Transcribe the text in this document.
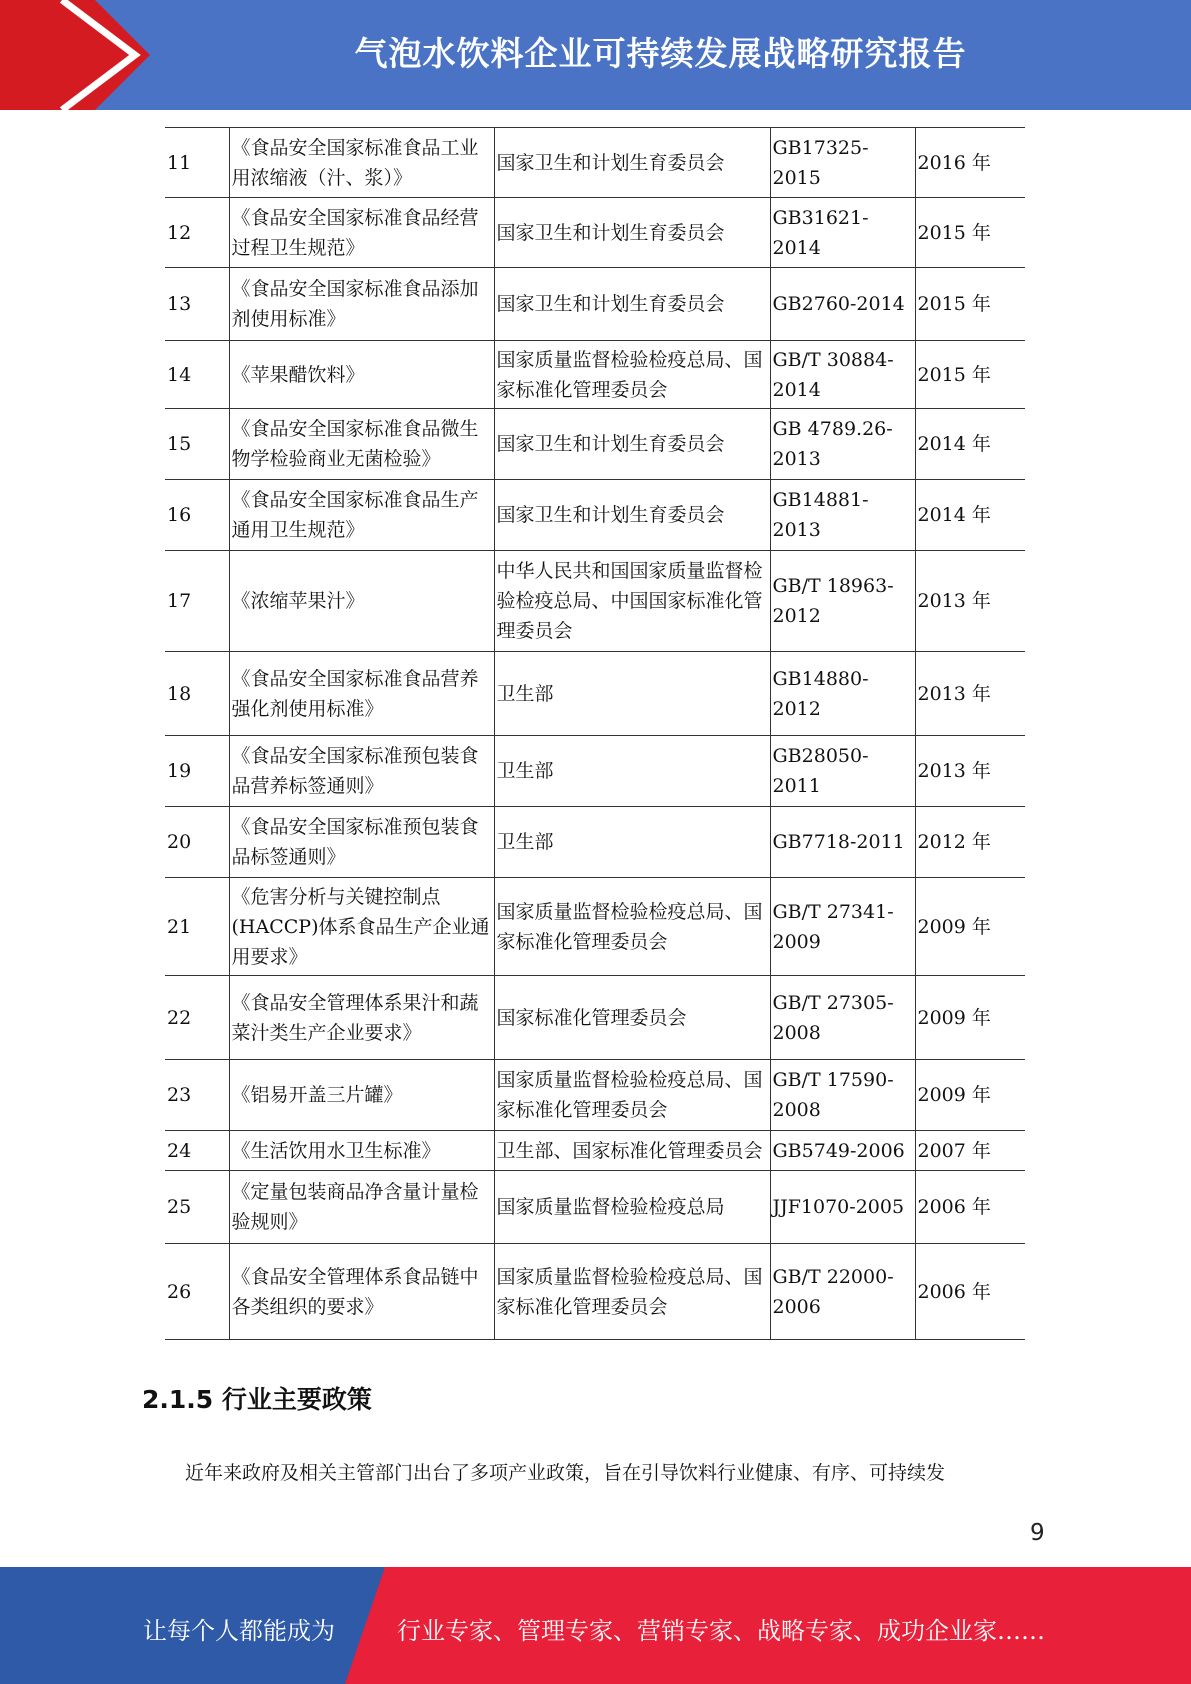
气泡水饮料企业可持续发展战略研究报告
11	《食品安全国家标准食品工业用浓缩液（汁、浆）》	国家卫生和计划生育委员会	GB17325-2015	2016 年
12	《食品安全国家标准食品经营过程卫生规范》	国家卫生和计划生育委员会	GB31621-2014	2015 年
13	《食品安全国家标准食品添加剂使用标准》	国家卫生和计划生育委员会	GB2760-2014	2015 年
14	《苹果醋饮料》	国家质量监督检验检疫总局、国家标准化管理委员会	GB/T 30884-2014	2015 年
15	《食品安全国家标准食品微生物学检验商业无菌检验》	国家卫生和计划生育委员会	GB 4789.26-2013	2014 年
16	《食品安全国家标准食品生产通用卫生规范》	国家卫生和计划生育委员会	GB14881-2013	2014 年
17	《浓缩苹果汁》	中华人民共和国国家质量监督检验检疫总局、中国国家标准化管理委员会	GB/T 18963-2012	2013 年
18	《食品安全国家标准食品营养强化剂使用标准》	卫生部	GB14880-2012	2013 年
19	《食品安全国家标准预包装食品营养标签通则》	卫生部	GB28050-2011	2013 年
20	《食品安全国家标准预包装食品标签通则》	卫生部	GB7718-2011	2012 年
21	《危害分析与关键控制点(HACCP)体系食品生产企业通用要求》	国家质量监督检验检疫总局、国家标准化管理委员会	GB/T 27341-2009	2009 年
22	《食品安全管理体系果汁和蔬菜汁类生产企业要求》	国家标准化管理委员会	GB/T 27305-2008	2009 年
23	《铝易开盖三片罐》	国家质量监督检验检疫总局、国家标准化管理委员会	GB/T 17590-2008	2009 年
24	《生活饮用水卫生标准》	卫生部、国家标准化管理委员会	GB5749-2006	2007 年
25	《定量包装商品净含量计量检验规则》	国家质量监督检验检疫总局	JJF1070-2005	2006 年
26	《食品安全管理体系食品链中各类组织的要求》	国家质量监督检验检疫总局、国家标准化管理委员会	GB/T 22000-2006	2006 年
2.1.5 行业主要政策
近年来政府及相关主管部门出台了多项产业政策，旨在引导饮料行业健康、有序、可持续发
9
让每个人都能成为	行业专家、管理专家、营销专家、战略专家、成功企业家……
